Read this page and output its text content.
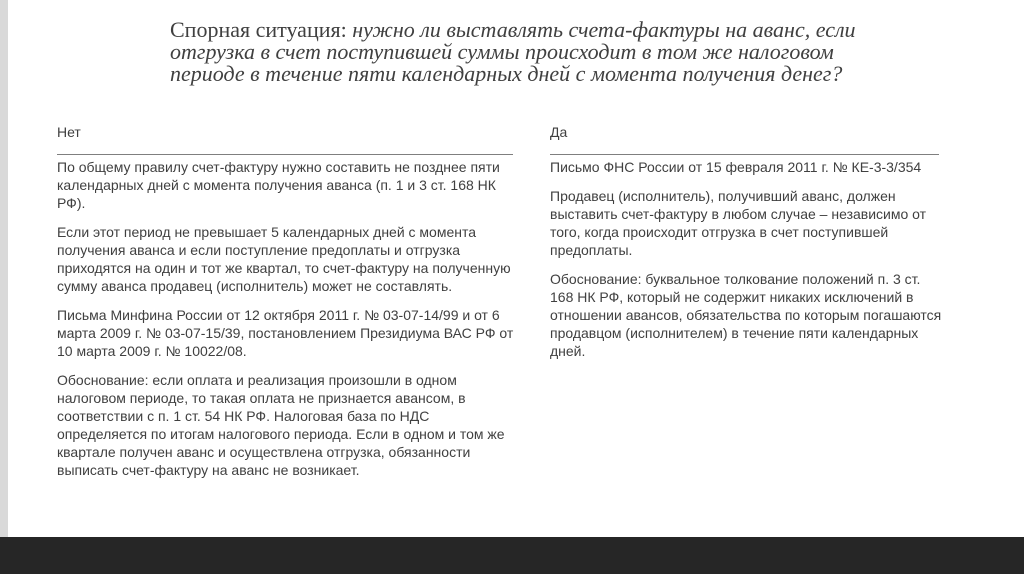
Спорная ситуация: нужно ли выставлять счета-фактуры на аванс, если отгрузка в счет поступившей суммы происходит в том же налоговом периоде в течение пяти календарных дней с момента получения денег?
Нет	Да

По общему правилу счет-фактуру нужно составить не позднее пяти календарных дней с момента получения аванса (п. 1 и 3 ст. 168 НК РФ).

Если этот период не превышает 5 календарных дней с момента получения аванса и если поступление предоплаты и отгрузка приходятся на один и тот же квартал, то счет-фактуру на полученную сумму аванса продавец (исполнитель) может не составлять.

Письма Минфина России от 12 октября 2011 г. № 03-07-14/99 и от 6 марта 2009 г. № 03-07-15/39, постановлением Президиума ВАС РФ от 10 марта 2009 г. № 10022/08.

Обоснование: если оплата и реализация произошли в одном налоговом периоде, то такая оплата не признается авансом, в соответствии с п. 1 ст. 54 НК РФ. Налоговая база по НДС определяется по итогам налогового периода. Если в одном и том же квартале получен аванс и осуществлена отгрузка, обязанности выписать счет-фактуру на аванс не возникает.

Письмо ФНС России от 15 февраля 2011 г. № КЕ-3-3/354

Продавец (исполнитель), получивший аванс, должен выставить счет-фактуру в любом случае – независимо от того, когда происходит отгрузка в счет поступившей предоплаты.

Обоснование: буквальное толкование положений п. 3 ст. 168 НК РФ, который не содержит никаких исключений в отношении авансов, обязательства по которым погашаются продавцом (исполнителем) в течение пяти календарных дней.
